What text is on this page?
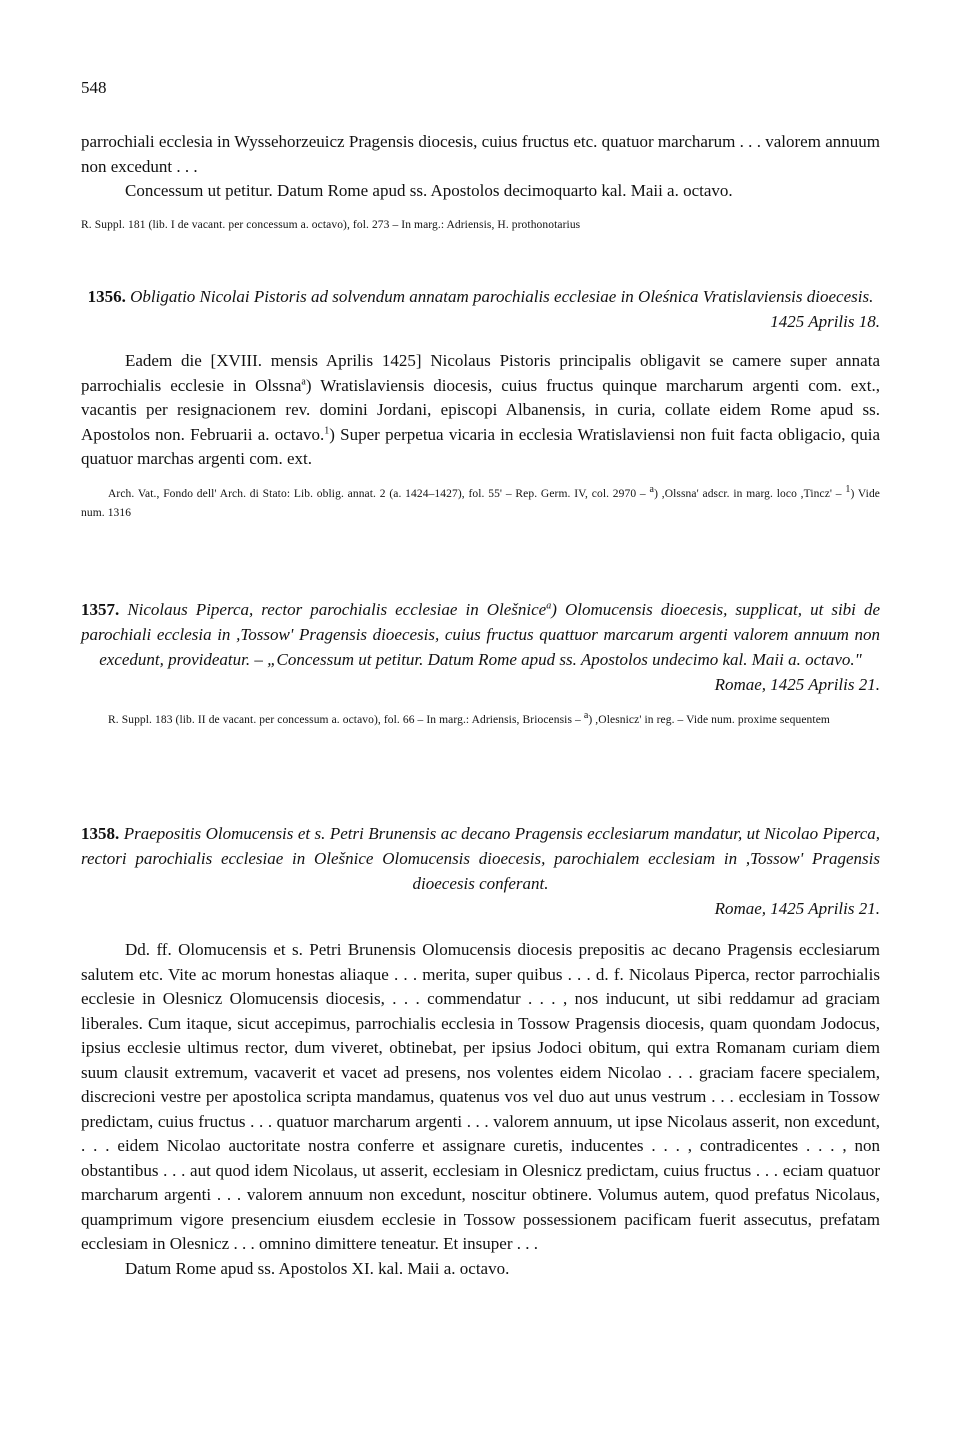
548

parrochiali ecclesia in Wyssehorzeuicz Pragensis diocesis, cuius fructus etc. quatuor marcharum . . . valorem annuum non excedunt . . .

Concessum ut petitur. Datum Rome apud ss. Apostolos decimoquarto kal. Maii a. octavo.

R. Suppl. 181 (lib. I de vacant. per concessum a. octavo), fol. 273 – In marg.: Adriensis, H. prothonotarius

1356. Obligatio Nicolai Pistoris ad solvendum annatam parochialis ecclesiae in Oleśnica Vratislaviensis dioecesis.

1425 Aprilis 18.

Eadem die [XVIII. mensis Aprilis 1425] Nicolaus Pistoris principalis obligavit se camere super annata parrochialis ecclesie in Olssna$^a$) Wratislaviensis diocesis, cuius fructus quinque marcharum argenti com. ext., vacantis per resignacionem rev. domini Jordani, episcopi Albanensis, in curia, collate eidem Rome apud ss. Apostolos non. Februarii a. octavo.$^1$) Super perpetua vicaria in ecclesia Wratislaviensi non fuit facta obligacio, quia quatuor marchas argenti com. ext.

Arch. Vat., Fondo dell' Arch. di Stato: Lib. oblig. annat. 2 (a. 1424–1427), fol. 55' – Rep. Germ. IV, col. 2970 – $^a$) ,Olssna' adscr. in marg. loco ,Tincz' – $^1$) Vide num. 1316

1357. Nicolaus Piperca, rector parochialis ecclesiae in Olešnice$^a$) Olomucensis dioecesis, supplicat, ut sibi de parochiali ecclesia in ,Tossow' Pragensis dioecesis, cuius fructus quattuor marcarum argenti valorem annuum non excedunt, provideatur. – „Concessum ut petitur. Datum Rome apud ss. Apostolos undecimo kal. Maii a. octavo."

Romae, 1425 Aprilis 21.

R. Suppl. 183 (lib. II de vacant. per concessum a. octavo), fol. 66 – In marg.: Adriensis, Briocensis – $^a$) ,Olesnicz' in reg. – Vide num. proxime sequentem

1358. Praepositis Olomucensis et s. Petri Brunensis ac decano Pragensis ecclesiarum mandatur, ut Nicolao Piperca, rectori parochialis ecclesiae in Olešnice Olomucensis dioecesis, parochialem ecclesiam in ,Tossow' Pragensis dioecesis conferant.

Romae, 1425 Aprilis 21.

Dd. ff. Olomucensis et s. Petri Brunensis Olomucensis diocesis prepositis ac decano Pragensis ecclesiarum salutem etc. Vite ac morum honestas aliaque . . . merita, super quibus . . . d. f. Nicolaus Piperca, rector parrochialis ecclesie in Olesnicz Olomucensis diocesis, . . . commendatur . . . , nos inducunt, ut sibi reddamur ad graciam liberales. Cum itaque, sicut accepimus, parrochialis ecclesia in Tossow Pragensis diocesis, quam quondam Jodocus, ipsius ecclesie ultimus rector, dum viveret, obtinebat, per ipsius Jodoci obitum, qui extra Romanam curiam diem suum clausit extremum, vacaverit et vacet ad presens, nos volentes eidem Nicolao . . . graciam facere specialem, discrecioni vestre per apostolica scripta mandamus, quatenus vos vel duo aut unus vestrum . . . ecclesiam in Tossow predictam, cuius fructus . . . quatuor marcharum argenti . . . valorem annuum, ut ipse Nicolaus asserit, non excedunt, . . . eidem Nicolao auctoritate nostra conferre et assignare curetis, inducentes . . . , contradicentes . . . , non obstantibus . . . aut quod idem Nicolaus, ut asserit, ecclesiam in Olesnicz predictam, cuius fructus . . . eciam quatuor marcharum argenti . . . valorem annuum non excedunt, noscitur obtinere. Volumus autem, quod prefatus Nicolaus, quamprimum vigore presencium eiusdem ecclesie in Tossow possessionem pacificam fuerit assecutus, prefatam ecclesiam in Olesnicz . . . omnino dimittere teneatur. Et insuper . . .

Datum Rome apud ss. Apostolos XI. kal. Maii a. octavo.
